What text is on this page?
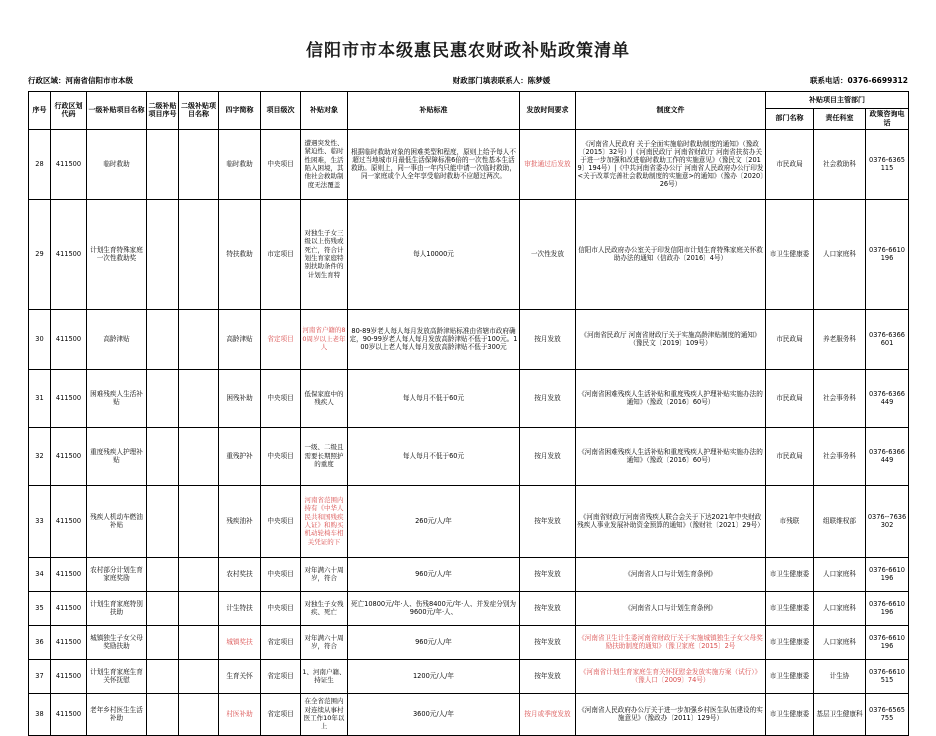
信阳市市本级惠民惠农财政补贴政策清单
行政区域：河南省信阳市市本级	财政部门填表联系人：陈梦媛	联系电话：0376-6699312
序号	行政区划代码	一级补贴项目名称	二级补贴项目序号	二级补贴项目名称	四字简称	项目级次	补贴对象	补贴标准	发放时间要求	制度文件	补贴项目主管部门		
											部门名称	责任科室	政策咨询电话
28	411500	临时救助			临时救助	中央项目	遭遇突发性、紧迫性、临时性困难，生活陷入困境，其他社会救助制度无法覆盖	根据临时救助对象的困难类型和程度，原则上给予每人不超过当地城市月最低生活保障标准6倍的一次性基本生活救助。原则上，同一事由一年内只能申请一次临时救助，同一家庭或个人全年享受临时救助不应超过两次。	审批通过后发放	《河南省人民政府 关于全面实施临时救助制度的通知》（豫政〔2015〕32号）|《河南民政厅 河南省财政厅 河南省扶贫办关于进一步加强和改进临时救助工作的实施意见》（豫民文〔2019〕194号）|《中共河南省委办公厅 河南省人民政府办公厅印发<关于改革完善社会救助制度的实施意>的通知》（豫办〔2020〕26号）	市民政局	社会救助科	0376-6365115
29	411500	计划生育特殊家庭一次性救助奖			特扶救助	市定项目	对独生子女三级以上伤残或死亡，符合计划生育家庭特别扶助条件的计划生育特	每人10000元	一次性发放	信阳市人民政府办公室关于印发信阳市计划生育特殊家庭关怀救助办法的通知（信政办〔2016〕4号）	市卫生健康委	人口家庭科	0376-6610196
30	411500	高龄津贴			高龄津贴	省定项目	河南省户籍的80周岁以上老年人	80-89岁老人每人每月发放高龄津贴标准由省辖市政府确定，90-99岁老人每人每月发放高龄津贴不低于100元。100岁以上老人每人每月发放高龄津贴不低于300元	按月发放	《河南省民政厅 河南省财政厅关于实施高龄津贴制度的通知》（豫民文〔2019〕109号）	市民政局	养老服务科	0376-6366601
31	411500	困难残疾人生活补贴			困残补助	中央项目	低保家庭中的残疾人	每人每月不低于60元	按月发放	《河南省困难残疾人生活补贴和重度残疾人护理补贴实施办法的通知》（豫政〔2016〕60号）	市民政局	社会事务科	0376-6366449
32	411500	重度残疾人护理补贴			重残护补	中央项目	一级、二级且需要长期照护的重度	每人每月不低于60元	按月发放	《河南省困难残疾人生活补贴和重度残疾人护理补贴实施办法的通知》（豫政〔2016〕60号）	市民政局	社会事务科	0376-6366449
33	411500	残疾人机动车燃油补贴			残疾油补	中央项目	河南省范围内持有《中华人民共和国残疾人证》和购买机动轮椅车相关凭证的下	260元/人/年	按年发放	《河南省财政厅河南省残疾人联合会关于下达2021年中央财政残疾人事业发展补助资金预算的通知》（豫财社〔2021〕29号）	市残联	组联维权部	0376--7636302
34	411500	农村部分计划生育家庭奖励			农村奖扶	中央项目	对年满六十周岁，符合	960元/人/年	按年发放	《河南省人口与计划生育条例》	市卫生健康委	人口家庭科	0376-6610196
35	411500	计划生育家庭特别扶助			计生特扶	中央项目	对独生子女残疾、死亡	死亡10800元/年·人、伤残8400元/年·人、并发症分别为9600元/年·人、	按年发放	《河南省人口与计划生育条例》	市卫生健康委	人口家庭科	0376-6610196
36	411500	城镇独生子女父母奖励扶助			城镇奖扶	省定项目	对年满六十周岁，符合	960元/人/年	按年发放	《河南省卫生计生委河南省财政厅关于实施城镇独生子女父母奖励扶助制度的通知》（豫卫家庭〔2015〕2号	市卫生健康委	人口家庭科	0376-6610196
37	411500	计划生育家庭生育关怀抚慰			生育关怀	省定项目	1、河南户籍、持证生	1200元/人/年	按年发放	《河南省计划生育家庭生育关怀抚慰金发放实施方案（试行）》（豫人口〔2009〕74号）	市卫生健康委	计生协	0376-6610515
38	411500	老年乡村医生生活补助			村医补助	省定项目	在全省范围内对连续从事村医工作10年以上	3600元/人/年	按月或季度发放	《河南省人民政府办公厅关于进一步加强乡村医生队伍建设的实施意见》（豫政办〔2011〕129号）	市卫生健康委	基层卫生健康科	0376-6565755
